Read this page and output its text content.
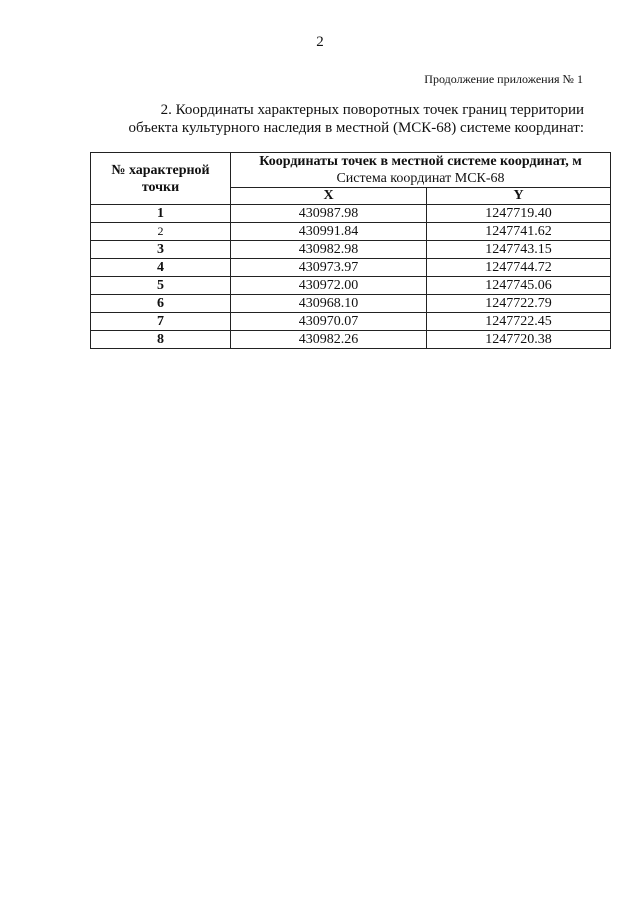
2
Продолжение приложения № 1
2. Координаты характерных поворотных точек границ территории
объекта культурного наследия в местной (МСК-68) системе координат:
№ характерной точки	Координаты точек в местной системе координат, м
Система координат МСК-68	

	X	Y
1	430987.98	1247719.40
2	430991.84	1247741.62
3	430982.98	1247743.15
4	430973.97	1247744.72
5	430972.00	1247745.06
6	430968.10	1247722.79
7	430970.07	1247722.45
8	430982.26	1247720.38
